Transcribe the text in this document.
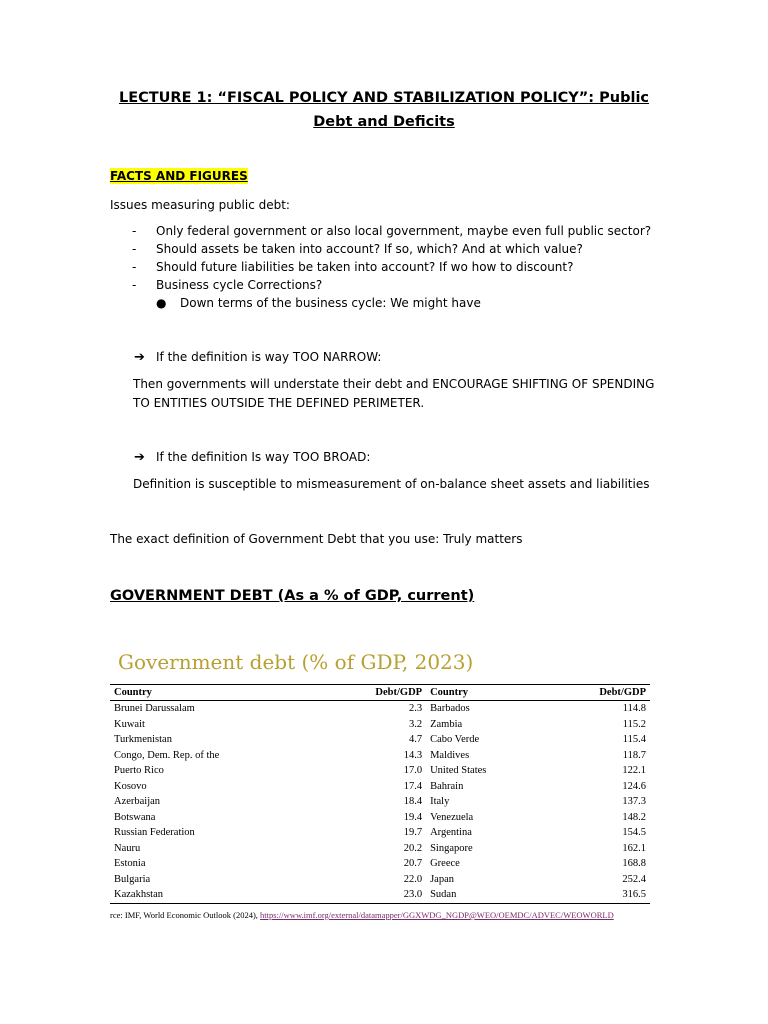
LECTURE 1: “FISCAL POLICY AND STABILIZATION POLICY”: Public Debt and Deficits
FACTS AND FIGURES
Issues measuring public debt:
- Only federal government or also local government, maybe even full public sector?
- Should assets be taken into account? If so, which? And at which value?
- Should future liabilities be taken into account? If wo how to discount?
- Business cycle Corrections?
● Down terms of the business cycle: We might have
➔ If the definition is way TOO NARROW:
Then governments will understate their debt and ENCOURAGE SHIFTING OF SPENDING TO ENTITIES OUTSIDE THE DEFINED PERIMETER.
➔ If the definition Is way TOO BROAD:
Definition is susceptible to mismeasurement of on-balance sheet assets and liabilities
The exact definition of Government Debt that you use: Truly matters
GOVERNMENT DEBT (As a % of GDP, current)
Government debt (% of GDP, 2023)
Country	Debt/GDP	Country	Debt/GDP
Brunei Darussalam	2.3	Barbados	114.8
Kuwait	3.2	Zambia	115.2
Turkmenistan	4.7	Cabo Verde	115.4
Congo, Dem. Rep. of the	14.3	Maldives	118.7
Puerto Rico	17.0	United States	122.1
Kosovo	17.4	Bahrain	124.6
Azerbaijan	18.4	Italy	137.3
Botswana	19.4	Venezuela	148.2
Russian Federation	19.7	Argentina	154.5
Nauru	20.2	Singapore	162.1
Estonia	20.7	Greece	168.8
Bulgaria	22.0	Japan	252.4
Kazakhstan	23.0	Sudan	316.5
rce: IMF, World Economic Outlook (2024), https://www.imf.org/external/datamapper/GGXWDG_NGDP@WEO/OEMDC/ADVEC/WEOWORLD
